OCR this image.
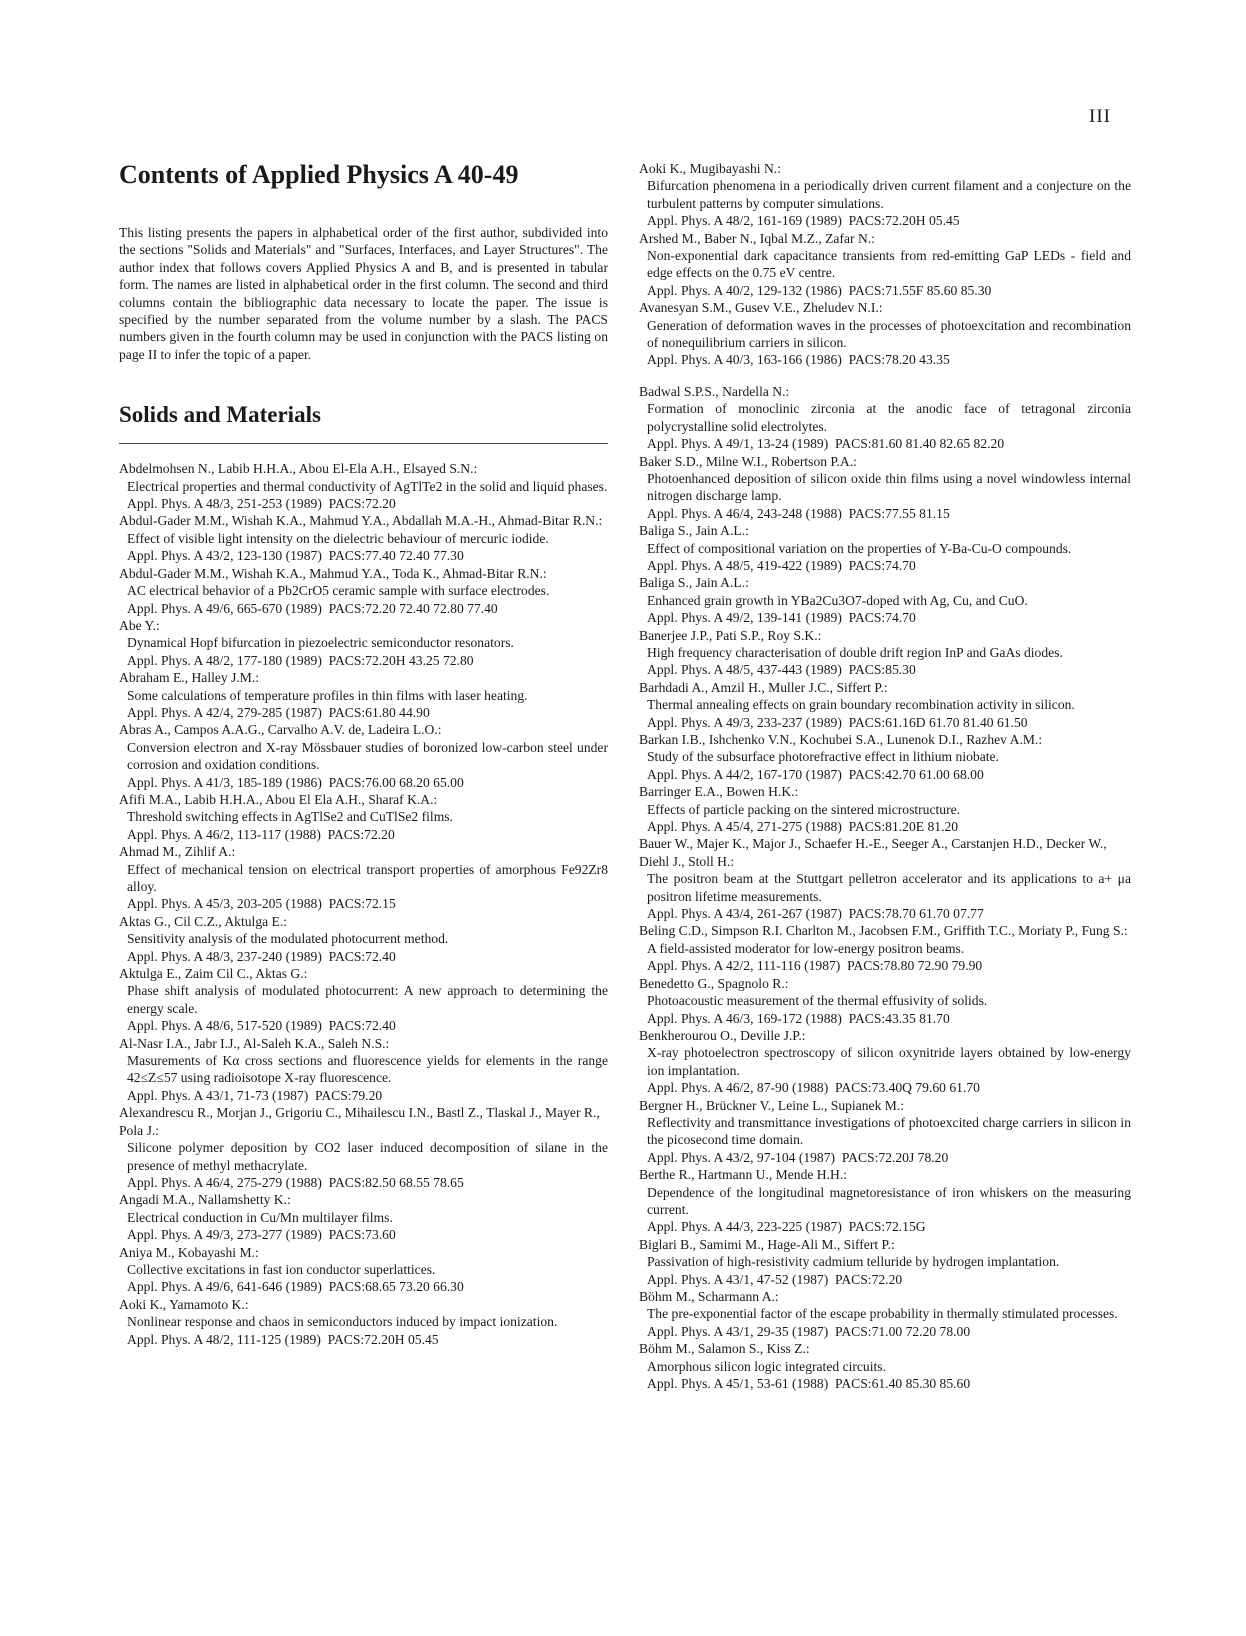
III
Contents of Applied Physics A 40-49

This listing presents the papers in alphabetical order of the first author, subdivided into the sections "Solids and Materials" and "Surfaces, Interfaces, and Layer Structures". The author index that follows covers Applied Physics A and B, and is presented in tabular form. The names are listed in alphabetical order in the first column. The second and third columns contain the bibliographic data necessary to locate the paper. The issue is specified by the number separated from the volume number by a slash. The PACS numbers given in the fourth column may be used in conjunction with the PACS listing on page II to infer the topic of a paper.

Solids and Materials
Abdelmohsen N., Labib H.H.A., Abou El-Ela A.H., Elsayed S.N.:
Electrical properties and thermal conductivity of AgTlTe2 in the solid and liquid phases.
Appl. Phys. A 48/3, 251-253 (1989)  PACS:72.20
Abdul-Gader M.M., Wishah K.A., Mahmud Y.A., Abdallah M.A.-H., Ahmad-Bitar R.N.:
Effect of visible light intensity on the dielectric behaviour of mercuric iodide.
Appl. Phys. A 43/2, 123-130 (1987)  PACS:77.40 72.40 77.30
Abdul-Gader M.M., Wishah K.A., Mahmud Y.A., Toda K., Ahmad-Bitar R.N.:
AC electrical behavior of a Pb2CrO5 ceramic sample with surface electrodes.
Appl. Phys. A 49/6, 665-670 (1989)  PACS:72.20 72.40 72.80 77.40
Abe Y.:
Dynamical Hopf bifurcation in piezoelectric semiconductor resonators.
Appl. Phys. A 48/2, 177-180 (1989)  PACS:72.20H 43.25 72.80
Abraham E., Halley J.M.:
Some calculations of temperature profiles in thin films with laser heating.
Appl. Phys. A 42/4, 279-285 (1987)  PACS:61.80 44.90
Abras A., Campos A.A.G., Carvalho A.V. de, Ladeira L.O.:
Conversion electron and X-ray Mössbauer studies of boronized low-carbon steel under corrosion and oxidation conditions.
Appl. Phys. A 41/3, 185-189 (1986)  PACS:76.00 68.20 65.00
Afifi M.A., Labib H.H.A., Abou El Ela A.H., Sharaf K.A.:
Threshold switching effects in AgTlSe2 and CuTlSe2 films.
Appl. Phys. A 46/2, 113-117 (1988)  PACS:72.20
Ahmad M., Zihlif A.:
Effect of mechanical tension on electrical transport properties of amorphous Fe92Zr8 alloy.
Appl. Phys. A 45/3, 203-205 (1988)  PACS:72.15
Aktas G., Cil C.Z., Aktulga E.:
Sensitivity analysis of the modulated photocurrent method.
Appl. Phys. A 48/3, 237-240 (1989)  PACS:72.40
Aktulga E., Zaim Cil C., Aktas G.:
Phase shift analysis of modulated photocurrent: A new approach to determining the energy scale.
Appl. Phys. A 48/6, 517-520 (1989)  PACS:72.40
Al-Nasr I.A., Jabr I.J., Al-Saleh K.A., Saleh N.S.:
Masurements of Kα cross sections and fluorescence yields for elements in the range 42≤Z≤57 using radioisotope X-ray fluorescence.
Appl. Phys. A 43/1, 71-73 (1987)  PACS:79.20
Alexandrescu R., Morjan J., Grigoriu C., Mihailescu I.N., Bastl Z., Tlaskal J., Mayer R., Pola J.:
Silicone polymer deposition by CO2 laser induced decomposition of silane in the presence of methyl methacrylate.
Appl. Phys. A 46/4, 275-279 (1988)  PACS:82.50 68.55 78.65
Angadi M.A., Nallamshetty K.:
Electrical conduction in Cu/Mn multilayer films.
Appl. Phys. A 49/3, 273-277 (1989)  PACS:73.60
Aniya M., Kobayashi M.:
Collective excitations in fast ion conductor superlattices.
Appl. Phys. A 49/6, 641-646 (1989)  PACS:68.65 73.20 66.30
Aoki K., Yamamoto K.:
Nonlinear response and chaos in semiconductors induced by impact ionization.
Appl. Phys. A 48/2, 111-125 (1989)  PACS:72.20H 05.45
Aoki K., Mugibayashi N.:
Bifurcation phenomena in a periodically driven current filament and a conjecture on the turbulent patterns by computer simulations.
Appl. Phys. A 48/2, 161-169 (1989)  PACS:72.20H 05.45
Arshed M., Baber N., Iqbal M.Z., Zafar N.:
Non-exponential dark capacitance transients from red-emitting GaP LEDs - field and edge effects on the 0.75 eV centre.
Appl. Phys. A 40/2, 129-132 (1986)  PACS:71.55F 85.60 85.30
Avanesyan S.M., Gusev V.E., Zheludev N.I.:
Generation of deformation waves in the processes of photoexcitation and recombination of nonequilibrium carriers in silicon.
Appl. Phys. A 40/3, 163-166 (1986)  PACS:78.20 43.35
Badwal S.P.S., Nardella N.:
Formation of monoclinic zirconia at the anodic face of tetragonal zirconia polycrystalline solid electrolytes.
Appl. Phys. A 49/1, 13-24 (1989)  PACS:81.60 81.40 82.65 82.20
Baker S.D., Milne W.I., Robertson P.A.:
Photoenhanced deposition of silicon oxide thin films using a novel windowless internal nitrogen discharge lamp.
Appl. Phys. A 46/4, 243-248 (1988)  PACS:77.55 81.15
Baliga S., Jain A.L.:
Effect of compositional variation on the properties of Y-Ba-Cu-O compounds.
Appl. Phys. A 48/5, 419-422 (1989)  PACS:74.70
Baliga S., Jain A.L.:
Enhanced grain growth in YBa2Cu3O7-doped with Ag, Cu, and CuO.
Appl. Phys. A 49/2, 139-141 (1989)  PACS:74.70
Banerjee J.P., Pati S.P., Roy S.K.:
High frequency characterisation of double drift region InP and GaAs diodes.
Appl. Phys. A 48/5, 437-443 (1989)  PACS:85.30
Barhdadi A., Amzil H., Muller J.C., Siffert P.:
Thermal annealing effects on grain boundary recombination activity in silicon.
Appl. Phys. A 49/3, 233-237 (1989)  PACS:61.16D 61.70 81.40 61.50
Barkan I.B., Ishchenko V.N., Kochubei S.A., Lunenok D.I., Razhev A.M.:
Study of the subsurface photorefractive effect in lithium niobate.
Appl. Phys. A 44/2, 167-170 (1987)  PACS:42.70 61.00 68.00
Barringer E.A., Bowen H.K.:
Effects of particle packing on the sintered microstructure.
Appl. Phys. A 45/4, 271-275 (1988)  PACS:81.20E 81.20
Bauer W., Majer K., Major J., Schaefer H.-E., Seeger A., Carstanjen H.D., Decker W., Diehl J., Stoll H.:
The positron beam at the Stuttgart pelletron accelerator and its applications to a+ μa positron lifetime measurements.
Appl. Phys. A 43/4, 261-267 (1987)  PACS:78.70 61.70 07.77
Beling C.D., Simpson R.I. Charlton M., Jacobsen F.M., Griffith T.C., Moriaty P., Fung S.:
A field-assisted moderator for low-energy positron beams.
Appl. Phys. A 42/2, 111-116 (1987)  PACS:78.80 72.90 79.90
Benedetto G., Spagnolo R.:
Photoacoustic measurement of the thermal effusivity of solids.
Appl. Phys. A 46/3, 169-172 (1988)  PACS:43.35 81.70
Benkherourou O., Deville J.P.:
X-ray photoelectron spectroscopy of silicon oxynitride layers obtained by low-energy ion implantation.
Appl. Phys. A 46/2, 87-90 (1988)  PACS:73.40Q 79.60 61.70
Bergner H., Brückner V., Leine L., Supianek M.:
Reflectivity and transmittance investigations of photoexcited charge carriers in silicon in the picosecond time domain.
Appl. Phys. A 43/2, 97-104 (1987)  PACS:72.20J 78.20
Berthe R., Hartmann U., Mende H.H.:
Dependence of the longitudinal magnetoresistance of iron whiskers on the measuring current.
Appl. Phys. A 44/3, 223-225 (1987)  PACS:72.15G
Biglari B., Samimi M., Hage-Ali M., Siffert P.:
Passivation of high-resistivity cadmium telluride by hydrogen implantation.
Appl. Phys. A 43/1, 47-52 (1987)  PACS:72.20
Böhm M., Scharmann A.:
The pre-exponential factor of the escape probability in thermally stimulated processes.
Appl. Phys. A 43/1, 29-35 (1987)  PACS:71.00 72.20 78.00
Böhm M., Salamon S., Kiss Z.:
Amorphous silicon logic integrated circuits.
Appl. Phys. A 45/1, 53-61 (1988)  PACS:61.40 85.30 85.60
